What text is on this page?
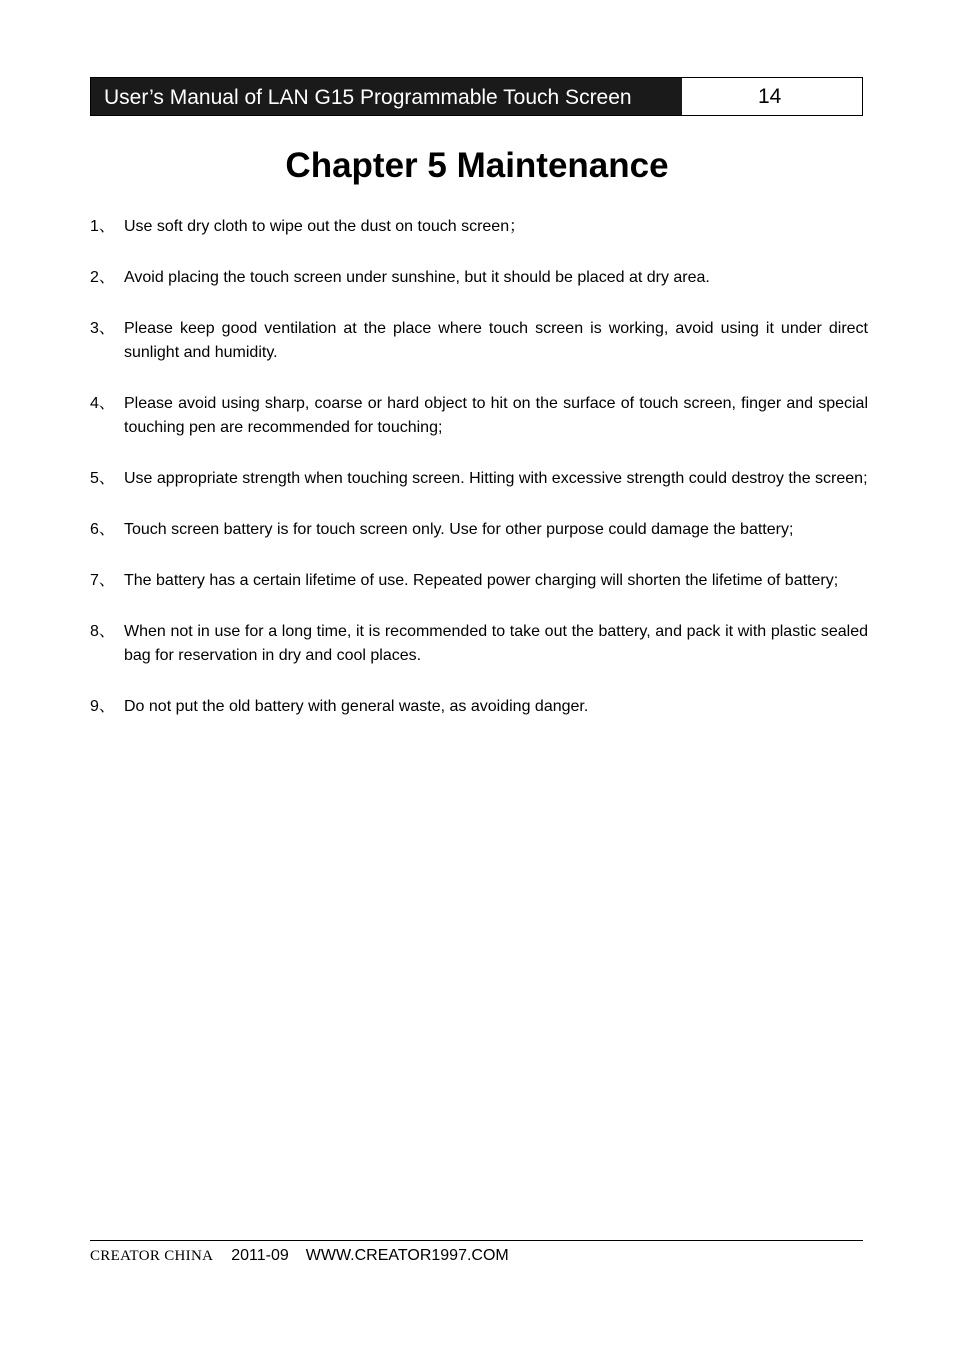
User’s Manual of LAN G15 Programmable Touch Screen	14
Chapter 5 Maintenance
1、 Use soft dry cloth to wipe out the dust on touch screen；
2、 Avoid placing the touch screen under sunshine, but it should be placed at dry area.
3、 Please keep good ventilation at the place where touch screen is working, avoid using it under direct sunlight and humidity.
4、 Please avoid using sharp, coarse or hard object to hit on the surface of touch screen, finger and special touching pen are recommended for touching;
5、 Use appropriate strength when touching screen. Hitting with excessive strength could destroy the screen;
6、 Touch screen battery is for touch screen only. Use for other purpose could damage the battery;
7、 The battery has a certain lifetime of use. Repeated power charging will shorten the lifetime of battery;
8、 When not in use for a long time, it is recommended to take out the battery, and pack it with plastic sealed bag for reservation in dry and cool places.
9、 Do not put the old battery with general waste, as avoiding danger.
CREATOR CHINA 2011-09 WWW.CREATOR1997.COM
